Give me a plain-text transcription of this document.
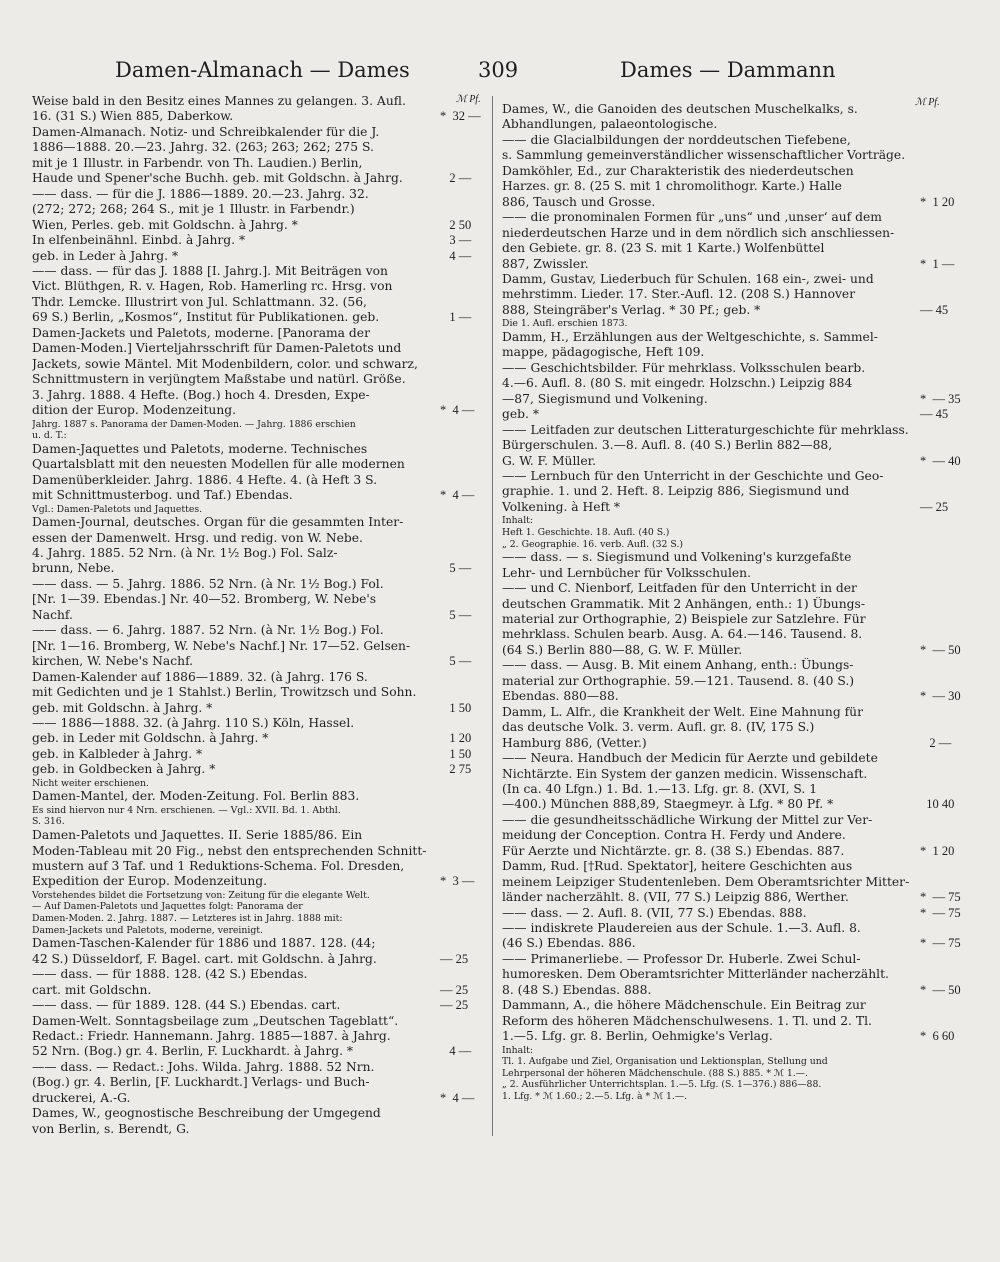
Damen-Almanach — Dames	309	Dames — Dammann
ℳ Pf.	ℳ Pf.
Weise bald in den Besitz eines Mannes zu gelangen. 3. Aufl.
16. (31 S.) Wien 885, Daberkow.	*  32 —
Damen-Almanach. Notiz- und Schreibkalender für die J.
1886—1888. 20.—23. Jahrg. 32. (263; 263; 262; 275 S.
mit je 1 Illustr. in Farbendr. von Th. Laudien.) Berlin,
Haude und Spener'sche Buchh. geb. mit Goldschn. à Jahrg.	2 —
—— dass. — für die J. 1886—1889. 20.—23. Jahrg. 32.
(272; 272; 268; 264 S., mit je 1 Illustr. in Farbendr.)
Wien, Perles. geb. mit Goldschn. à Jahrg. *	2 50
In elfenbeinähnl. Einbd. à Jahrg. *	3 —
geb. in Leder à Jahrg. *	4 —
—— dass. — für das J. 1888 [I. Jahrg.]. Mit Beiträgen von
Vict. Blüthgen, R. v. Hagen, Rob. Hamerling rc. Hrsg. von
Thdr. Lemcke. Illustrirt von Jul. Schlattmann. 32. (56,
69 S.) Berlin, „Kosmos“, Institut für Publikationen. geb.	1 —
Damen-Jackets und Paletots, moderne. [Panorama der
Damen-Moden.] Vierteljahrsschrift für Damen-Paletots und
Jackets, sowie Mäntel. Mit Modenbildern, color. und schwarz,
Schnittmustern in verjüngtem Maßstabe und natürl. Größe.
3. Jahrg. 1888. 4 Hefte. (Bog.) hoch 4. Dresden, Expe-
dition der Europ. Modenzeitung.	*  4 —
Jahrg. 1887 s. Panorama der Damen-Moden. — Jahrg. 1886 erschien
u. d. T.:
Damen-Jaquettes und Paletots, moderne. Technisches
Quartalsblatt mit den neuesten Modellen für alle modernen
Damenüberkleider. Jahrg. 1886. 4 Hefte. 4. (à Heft 3 S.
mit Schnittmusterbog. und Taf.) Ebendas.	*  4 —
Vgl.: Damen-Paletots und Jaquettes.
Damen-Journal, deutsches. Organ für die gesammten Inter-
essen der Damenwelt. Hrsg. und redig. von W. Nebe.
4. Jahrg. 1885. 52 Nrn. (à Nr. 1½ Bog.) Fol. Salz-
brunn, Nebe.	5 —
—— dass. — 5. Jahrg. 1886. 52 Nrn. (à Nr. 1½ Bog.) Fol.
[Nr. 1—39. Ebendas.] Nr. 40—52. Bromberg, W. Nebe's
Nachf.	5 —
—— dass. — 6. Jahrg. 1887. 52 Nrn. (à Nr. 1½ Bog.) Fol.
[Nr. 1—16. Bromberg, W. Nebe's Nachf.] Nr. 17—52. Gelsen-
kirchen, W. Nebe's Nachf.	5 —
Damen-Kalender auf 1886—1889. 32. (à Jahrg. 176 S.
mit Gedichten und je 1 Stahlst.) Berlin, Trowitzsch und Sohn.
geb. mit Goldschn. à Jahrg. *	1 50
—— 1886—1888. 32. (à Jahrg. 110 S.) Köln, Hassel.
geb. in Leder mit Goldschn. à Jahrg. *	1 20
geb. in Kalbleder à Jahrg. *	1 50
geb. in Goldbecken à Jahrg. *	2 75
Nicht weiter erschienen.
Damen-Mantel, der. Moden-Zeitung. Fol. Berlin 883.
Es sind hiervon nur 4 Nrn. erschienen. — Vgl.: XVII. Bd. 1. Abthl.
S. 316.
Damen-Paletots und Jaquettes. II. Serie 1885/86. Ein
Moden-Tableau mit 20 Fig., nebst den entsprechenden Schnitt-
mustern auf 3 Taf. und 1 Reduktions-Schema. Fol. Dresden,
Expedition der Europ. Modenzeitung.	*  3 —
Vorstehendes bildet die Fortsetzung von: Zeitung für die elegante Welt.
— Auf Damen-Paletots und Jaquettes folgt: Panorama der
Damen-Moden. 2. Jahrg. 1887. — Letzteres ist in Jahrg. 1888 mit:
Damen-Jackets und Paletots, moderne, vereinigt.
Damen-Taschen-Kalender für 1886 und 1887. 128. (44;
42 S.) Düsseldorf, F. Bagel. cart. mit Goldschn. à Jahrg.	— 25
—— dass. — für 1888. 128. (42 S.) Ebendas.
cart. mit Goldschn.	— 25
—— dass. — für 1889. 128. (44 S.) Ebendas. cart.	— 25
Damen-Welt. Sonntagsbeilage zum „Deutschen Tageblatt“.
Redact.: Friedr. Hannemann. Jahrg. 1885—1887. à Jahrg.
52 Nrn. (Bog.) gr. 4. Berlin, F. Luckhardt. à Jahrg. *	4 —
—— dass. — Redact.: Johs. Wilda. Jahrg. 1888. 52 Nrn.
(Bog.) gr. 4. Berlin, [F. Luckhardt.] Verlags- und Buch-
druckerei, A.-G.	*  4 —
Dames, W., geognostische Beschreibung der Umgegend
von Berlin, s. Berendt, G.
Dames, W., die Ganoiden des deutschen Muschelkalks, s.
Abhandlungen, palaeontologische.
—— die Glacialbildungen der norddeutschen Tiefebene,
s. Sammlung gemeinverständlicher wissenschaftlicher Vorträge.
Damköhler, Ed., zur Charakteristik des niederdeutschen
Harzes. gr. 8. (25 S. mit 1 chromolithogr. Karte.) Halle
886, Tausch und Grosse.	*  1 20
—— die pronominalen Formen für „uns“ und ‚unser‘ auf dem
niederdeutschen Harze und in dem nördlich sich anschliessen-
den Gebiete. gr. 8. (23 S. mit 1 Karte.) Wolfenbüttel
887, Zwissler.	*  1 —
Damm, Gustav, Liederbuch für Schulen. 168 ein-, zwei- und
mehrstimm. Lieder. 17. Ster.-Aufl. 12. (208 S.) Hannover
888, Steingräber's Verlag. * 30 Pf.; geb. *	— 45
Die 1. Aufl. erschien 1873.
Damm, H., Erzählungen aus der Weltgeschichte, s. Sammel-
mappe, pädagogische, Heft 109.
—— Geschichtsbilder. Für mehrklass. Volksschulen bearb.
4.—6. Aufl. 8. (80 S. mit eingedr. Holzschn.) Leipzig 884
—87, Siegismund und Volkening.	*  — 35
geb. *	— 45
—— Leitfaden zur deutschen Litteraturgeschichte für mehrklass.
Bürgerschulen. 3.—8. Aufl. 8. (40 S.) Berlin 882—88,
G. W. F. Müller.	*  — 40
—— Lernbuch für den Unterricht in der Geschichte und Geo-
graphie. 1. und 2. Heft. 8. Leipzig 886, Siegismund und
Volkening. à Heft *	— 25
Inhalt:
Heft 1. Geschichte. 18. Aufl. (40 S.)
„ 2. Geographie. 16. verb. Aufl. (32 S.)
—— dass. — s. Siegismund und Volkening's kurzgefaßte
Lehr- und Lernbücher für Volksschulen.
—— und C. Nienborf, Leitfaden für den Unterricht in der
deutschen Grammatik. Mit 2 Anhängen, enth.: 1) Übungs-
material zur Orthographie, 2) Beispiele zur Satzlehre. Für
mehrklass. Schulen bearb. Ausg. A. 64.—146. Tausend. 8.
(64 S.) Berlin 880—88, G. W. F. Müller.	*  — 50
—— dass. — Ausg. B. Mit einem Anhang, enth.: Übungs-
material zur Orthographie. 59.—121. Tausend. 8. (40 S.)
Ebendas. 880—88.	*  — 30
Damm, L. Alfr., die Krankheit der Welt. Eine Mahnung für
das deutsche Volk. 3. verm. Aufl. gr. 8. (IV, 175 S.)
Hamburg 886, (Vetter.)	2 —
—— Neura. Handbuch der Medicin für Aerzte und gebildete
Nichtärzte. Ein System der ganzen medicin. Wissenschaft.
(In ca. 40 Lfgn.) 1. Bd. 1.—13. Lfg. gr. 8. (XVI, S. 1
—400.) München 888,89, Staegmeyr. à Lfg. * 80 Pf. *	10 40
—— die gesundheitsschädliche Wirkung der Mittel zur Ver-
meidung der Conception. Contra H. Ferdy und Andere.
Für Aerzte und Nichtärzte. gr. 8. (38 S.) Ebendas. 887.	*  1 20
Damm, Rud. [†Rud. Spektator], heitere Geschichten aus
meinem Leipziger Studentenleben. Dem Oberamtsrichter Mitter-
länder nacherzählt. 8. (VII, 77 S.) Leipzig 886, Werther.	*  — 75
—— dass. — 2. Aufl. 8. (VII, 77 S.) Ebendas. 888.	*  — 75
—— indiskrete Plaudereien aus der Schule. 1.—3. Aufl. 8.
(46 S.) Ebendas. 886.	*  — 75
—— Primanerliebe. — Professor Dr. Huberle. Zwei Schul-
humoresken. Dem Oberamtsrichter Mitterländer nacherzählt.
8. (48 S.) Ebendas. 888.	*  — 50
Dammann, A., die höhere Mädchenschule. Ein Beitrag zur
Reform des höheren Mädchenschulwesens. 1. Tl. und 2. Tl.
1.—5. Lfg. gr. 8. Berlin, Oehmigke's Verlag.	*  6 60
Inhalt:
Tl. 1. Aufgabe und Ziel, Organisation und Lektionsplan, Stellung und
Lehrpersonal der höheren Mädchenschule. (88 S.) 885. * ℳ 1.—.
„ 2. Ausführlicher Unterrichtsplan. 1.—5. Lfg. (S. 1—376.) 886—88.
1. Lfg. * ℳ 1.60.; 2.—5. Lfg. à * ℳ 1.—.
